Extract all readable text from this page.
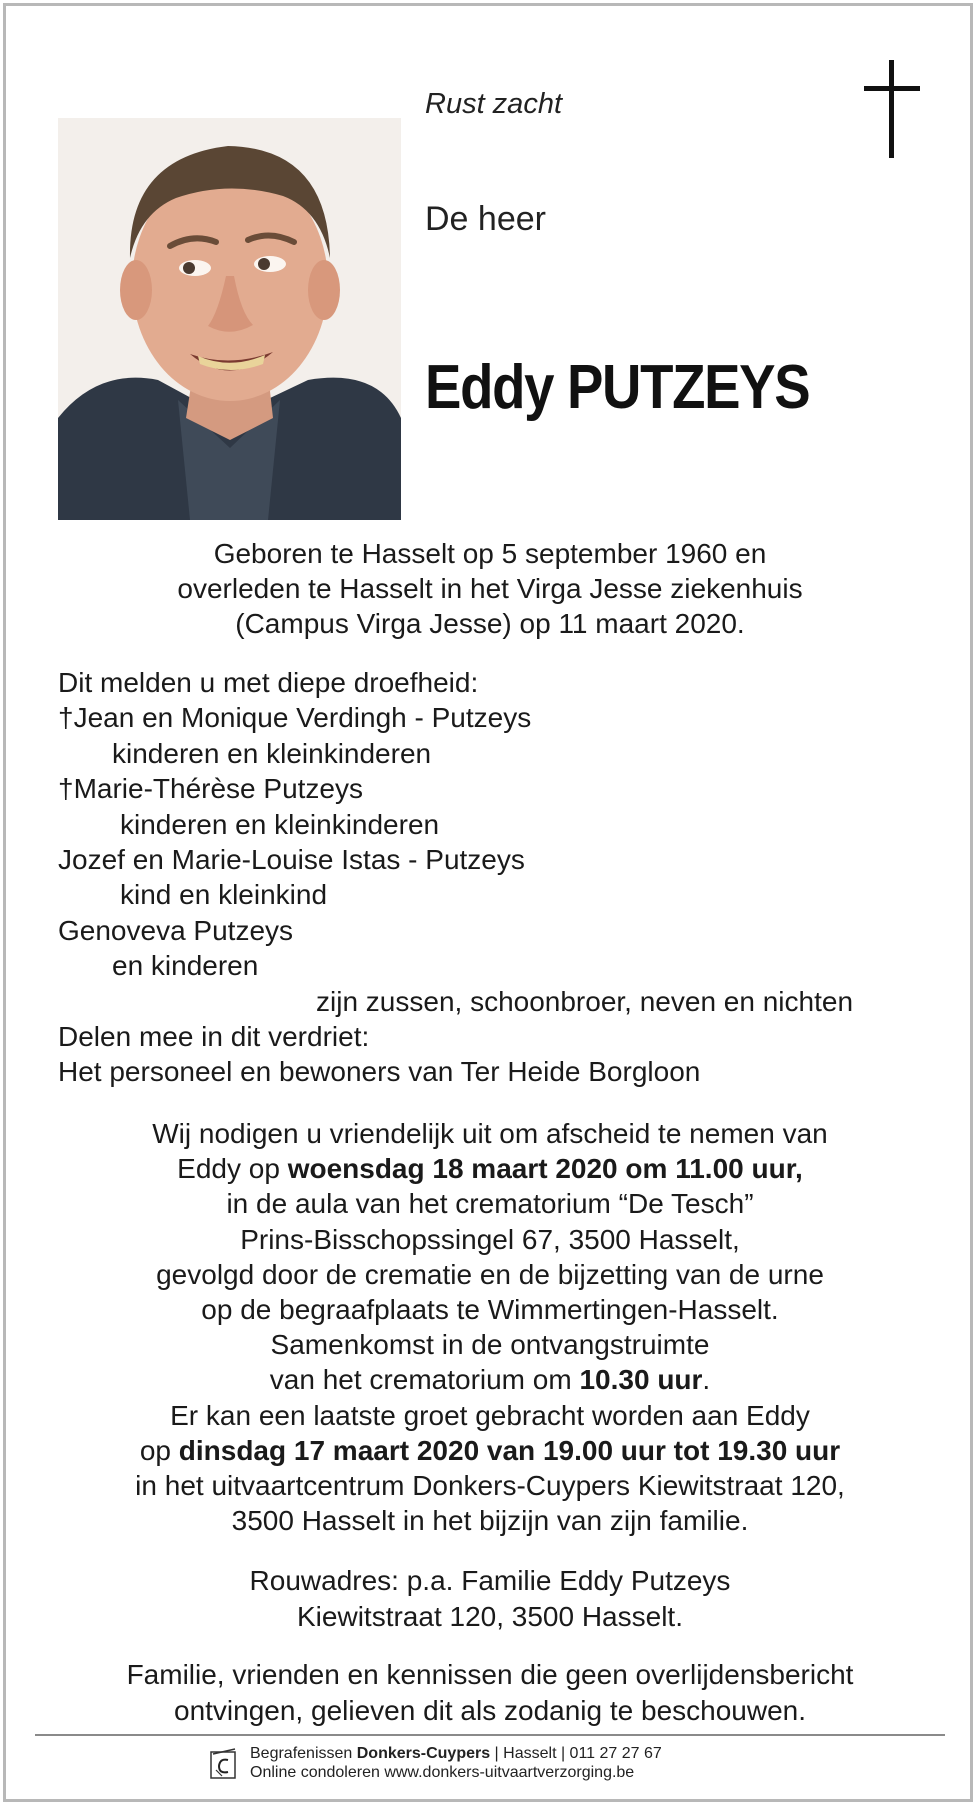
Rust zacht
De heer
Eddy PUTZEYS
Geboren te Hasselt op 5 september 1960 en
overleden te Hasselt in het Virga Jesse ziekenhuis
(Campus Virga Jesse) op 11 maart 2020.
Dit melden u met diepe droefheid:
†Jean en Monique Verdingh - Putzeys
kinderen en kleinkinderen
†Marie-Thérèse Putzeys
kinderen en kleinkinderen
Jozef en Marie-Louise Istas - Putzeys
kind en kleinkind
Genoveva Putzeys
en kinderen
zijn zussen, schoonbroer, neven en nichten
Delen mee in dit verdriet:
Het personeel en bewoners van Ter Heide Borgloon
Wij nodigen u vriendelijk uit om afscheid te nemen van
Eddy op woensdag 18 maart 2020 om 11.00 uur,
in de aula van het crematorium “De Tesch”
Prins-Bisschopssingel 67, 3500 Hasselt,
gevolgd door de crematie en de bijzetting van de urne
op de begraafplaats te Wimmertingen-Hasselt.
Samenkomst in de ontvangstruimte
van het crematorium om 10.30 uur.
Er kan een laatste groet gebracht worden aan Eddy
op dinsdag 17 maart 2020 van 19.00 uur tot 19.30 uur
in het uitvaartcentrum Donkers-Cuypers Kiewitstraat 120,
3500 Hasselt in het bijzijn van zijn familie.
Rouwadres: p.a. Familie Eddy Putzeys
Kiewitstraat 120, 3500 Hasselt.
Familie, vrienden en kennissen die geen overlijdensbericht
ontvingen, gelieven dit als zodanig te beschouwen.
Begrafenissen Donkers-Cuypers | Hasselt | 011 27 27 67
Online condoleren www.donkers-uitvaartverzorging.be
